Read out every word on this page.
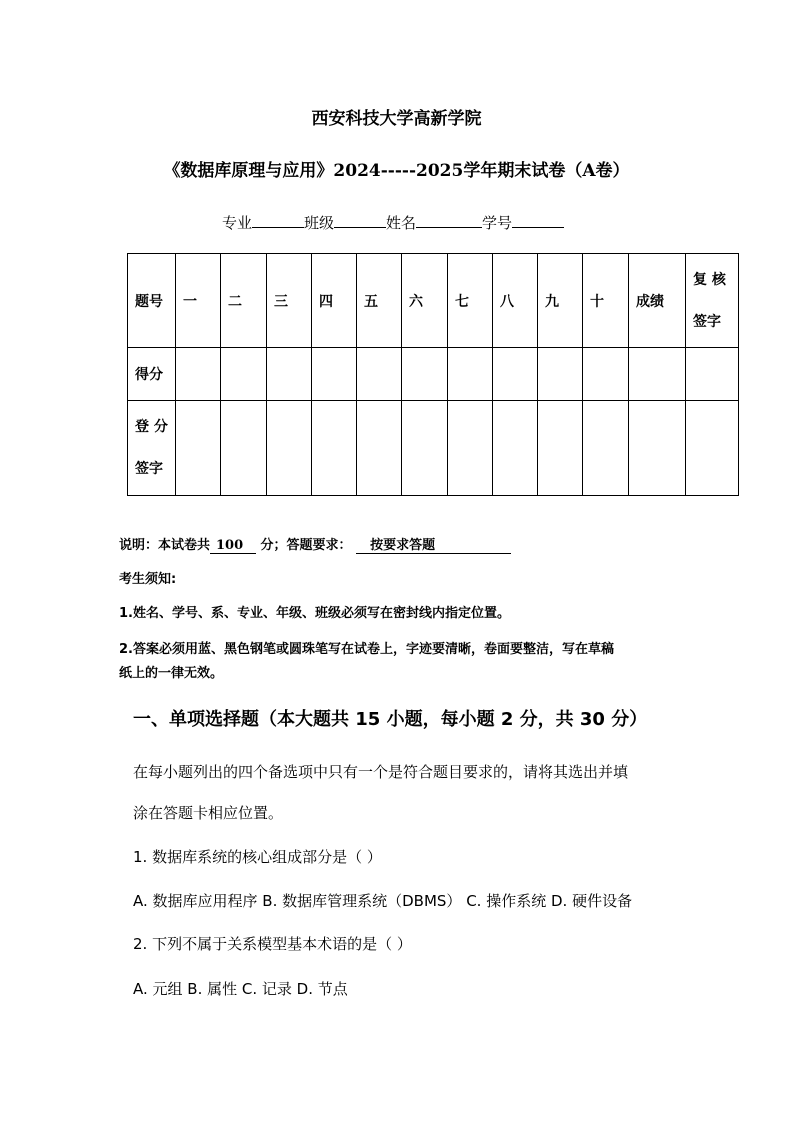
西安科技大学高新学院
《数据库原理与应用》2024-----2025学年期末试卷（A卷）
专业	班级	姓名	学号
题号	一	二	三	四	五	六	七	八	九	十	成绩	复 核
签字

得分												

登 分
签字												

说明：本试卷共 100 分；答题要求： 按要求答题
考生须知:
1.姓名、学号、系、专业、年级、班级必须写在密封线内指定位置。
2.答案必须用蓝、黑色钢笔或圆珠笔写在试卷上，字迹要清晰，卷面要整洁，写在草稿
纸上的一律无效。
一、单项选择题（本大题共 15 小题，每小题 2 分，共 30 分）
在每小题列出的四个备选项中只有一个是符合题目要求的，请将其选出并填
涂在答题卡相应位置。
1. 数据库系统的核心组成部分是（ ）
A. 数据库应用程序 B. 数据库管理系统（DBMS） C. 操作系统 D. 硬件设备
2. 下列不属于关系模型基本术语的是（ ）
A. 元组 B. 属性 C. 记录 D. 节点
